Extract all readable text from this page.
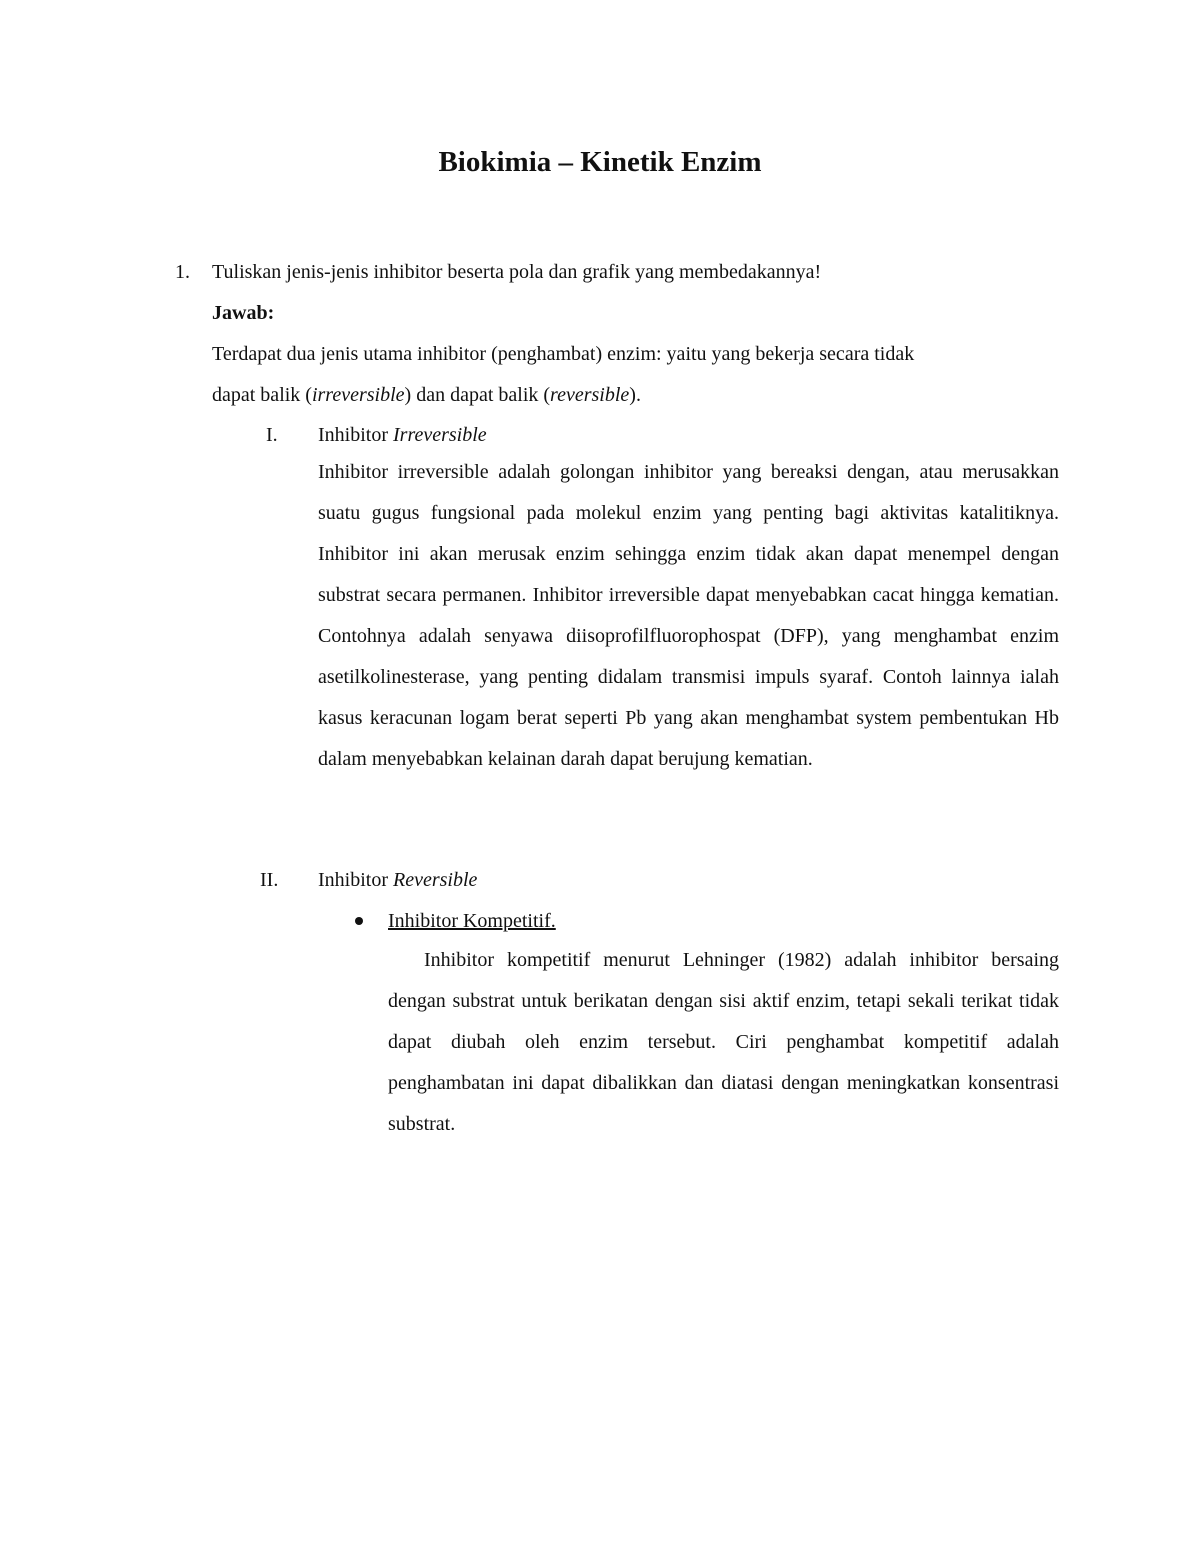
Biokimia – Kinetik Enzim
1. Tuliskan jenis-jenis inhibitor beserta pola dan grafik yang membedakannya!
Jawab:
Terdapat dua jenis utama inhibitor (penghambat) enzim: yaitu yang bekerja secara tidak
dapat balik (irreversible) dan dapat balik (reversible).
I. Inhibitor Irreversible
Inhibitor irreversible adalah golongan inhibitor yang bereaksi dengan, atau merusakkan suatu gugus fungsional pada molekul enzim yang penting bagi aktivitas katalitiknya. Inhibitor ini akan merusak enzim sehingga enzim tidak akan dapat menempel dengan substrat secara permanen. Inhibitor irreversible dapat menyebabkan cacat hingga kematian. Contohnya adalah senyawa diisoprofilfluorophospat (DFP), yang menghambat enzim asetilkolinesterase, yang penting didalam transmisi impuls syaraf. Contoh lainnya ialah kasus keracunan logam berat seperti Pb yang akan menghambat system pembentukan Hb dalam menyebabkan kelainan darah dapat berujung kematian.
II. Inhibitor Reversible
Inhibitor Kompetitif.
Inhibitor kompetitif menurut Lehninger (1982) adalah inhibitor bersaing dengan substrat untuk berikatan dengan sisi aktif enzim, tetapi sekali terikat tidak dapat diubah oleh enzim tersebut. Ciri penghambat kompetitif adalah penghambatan ini dapat dibalikkan dan diatasi dengan meningkatkan konsentrasi substrat.
